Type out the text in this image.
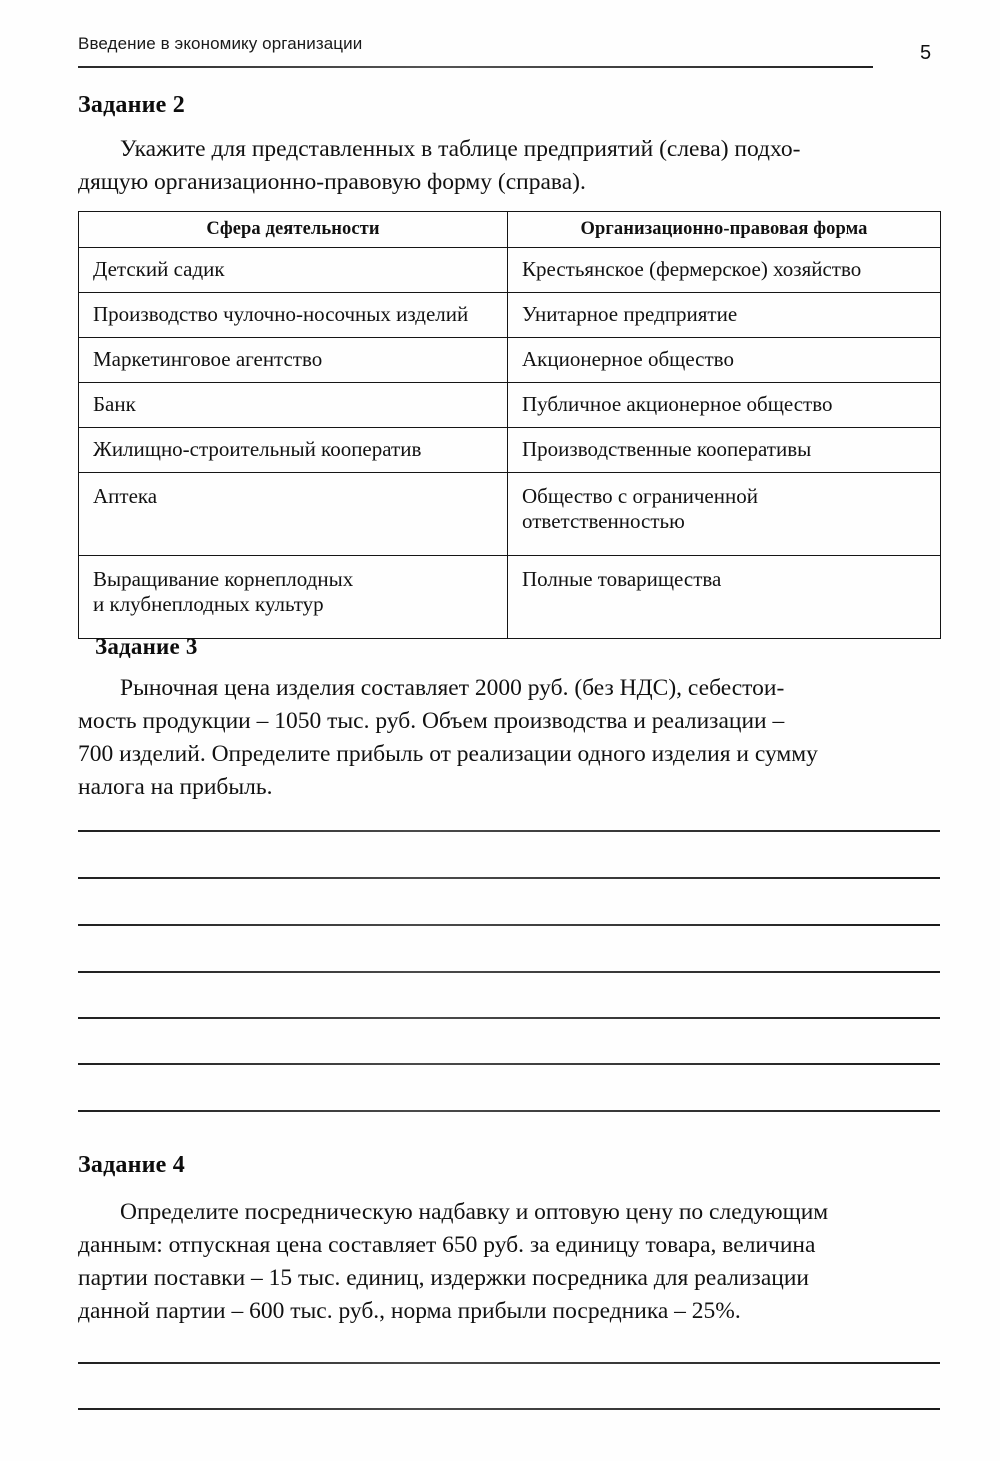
Введение в экономику организации	5
Задание 2
Укажите для представленных в таблице предприятий (слева) подхо-
дящую организационно-правовую форму (справа).
Сфера деятельности	Организационно-правовая форма
Детский садик	Крестьянское (фермерское) хозяйство
Производство чулочно-носочных изделий	Унитарное предприятие
Маркетинговое агентство	Акционерное общество
Банк	Публичное акционерное общество
Жилищно-строительный кооператив	Производственные кооперативы
Аптека	Общество с ограниченной
ответственностью

Выращивание корнеплодных
и клубнеплодных культур	Полные товарищества
Задание 3
Рыночная цена изделия составляет 2000 руб. (без НДС), себестои-
мость продукции – 1050 тыс. руб. Объем производства и реализации –
700 изделий. Определите прибыль от реализации одного изделия и сумму
налога на прибыль.
Задание 4
Определите посредническую надбавку и оптовую цену по следующим
данным: отпускная цена составляет 650 руб. за единицу товара, величина
партии поставки – 15 тыс. единиц, издержки посредника для реализации
данной партии – 600 тыс. руб., норма прибыли посредника – 25%.
